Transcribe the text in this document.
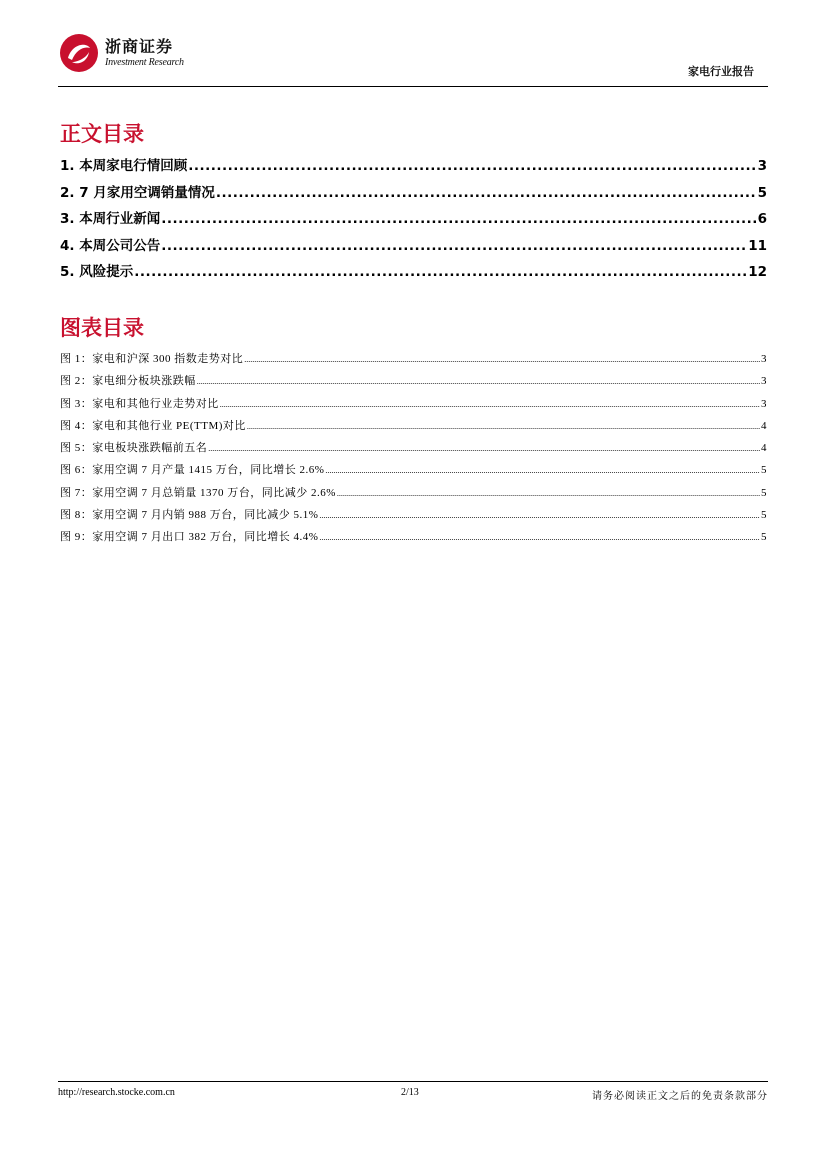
浙商证券
Investment Research
家电行业报告
正文目录
1. 本周家电行情回顾 .....	3
2. 7 月家用空调销量情况 .....	5
3. 本周行业新闻 .....	6
4. 本周公司公告 .....	11
5. 风险提示 .....	12
图表目录
图 1：家电和沪深 300 指数走势对比 .....	3
图 2：家电细分板块涨跌幅 .....	3
图 3：家电和其他行业走势对比 .....	3
图 4：家电和其他行业 PE(TTM)对比 .....	4
图 5：家电板块涨跌幅前五名 .....	4
图 6：家用空调 7 月产量 1415 万台，同比增长 2.6% .....	5
图 7：家用空调 7 月总销量 1370 万台，同比减少 2.6% .....	5
图 8：家用空调 7 月内销 988 万台，同比减少 5.1% .....	5
图 9：家用空调 7 月出口 382 万台，同比增长 4.4% .....	5
http://research.stocke.com.cn	2/13	请务必阅读正文之后的免责条款部分
